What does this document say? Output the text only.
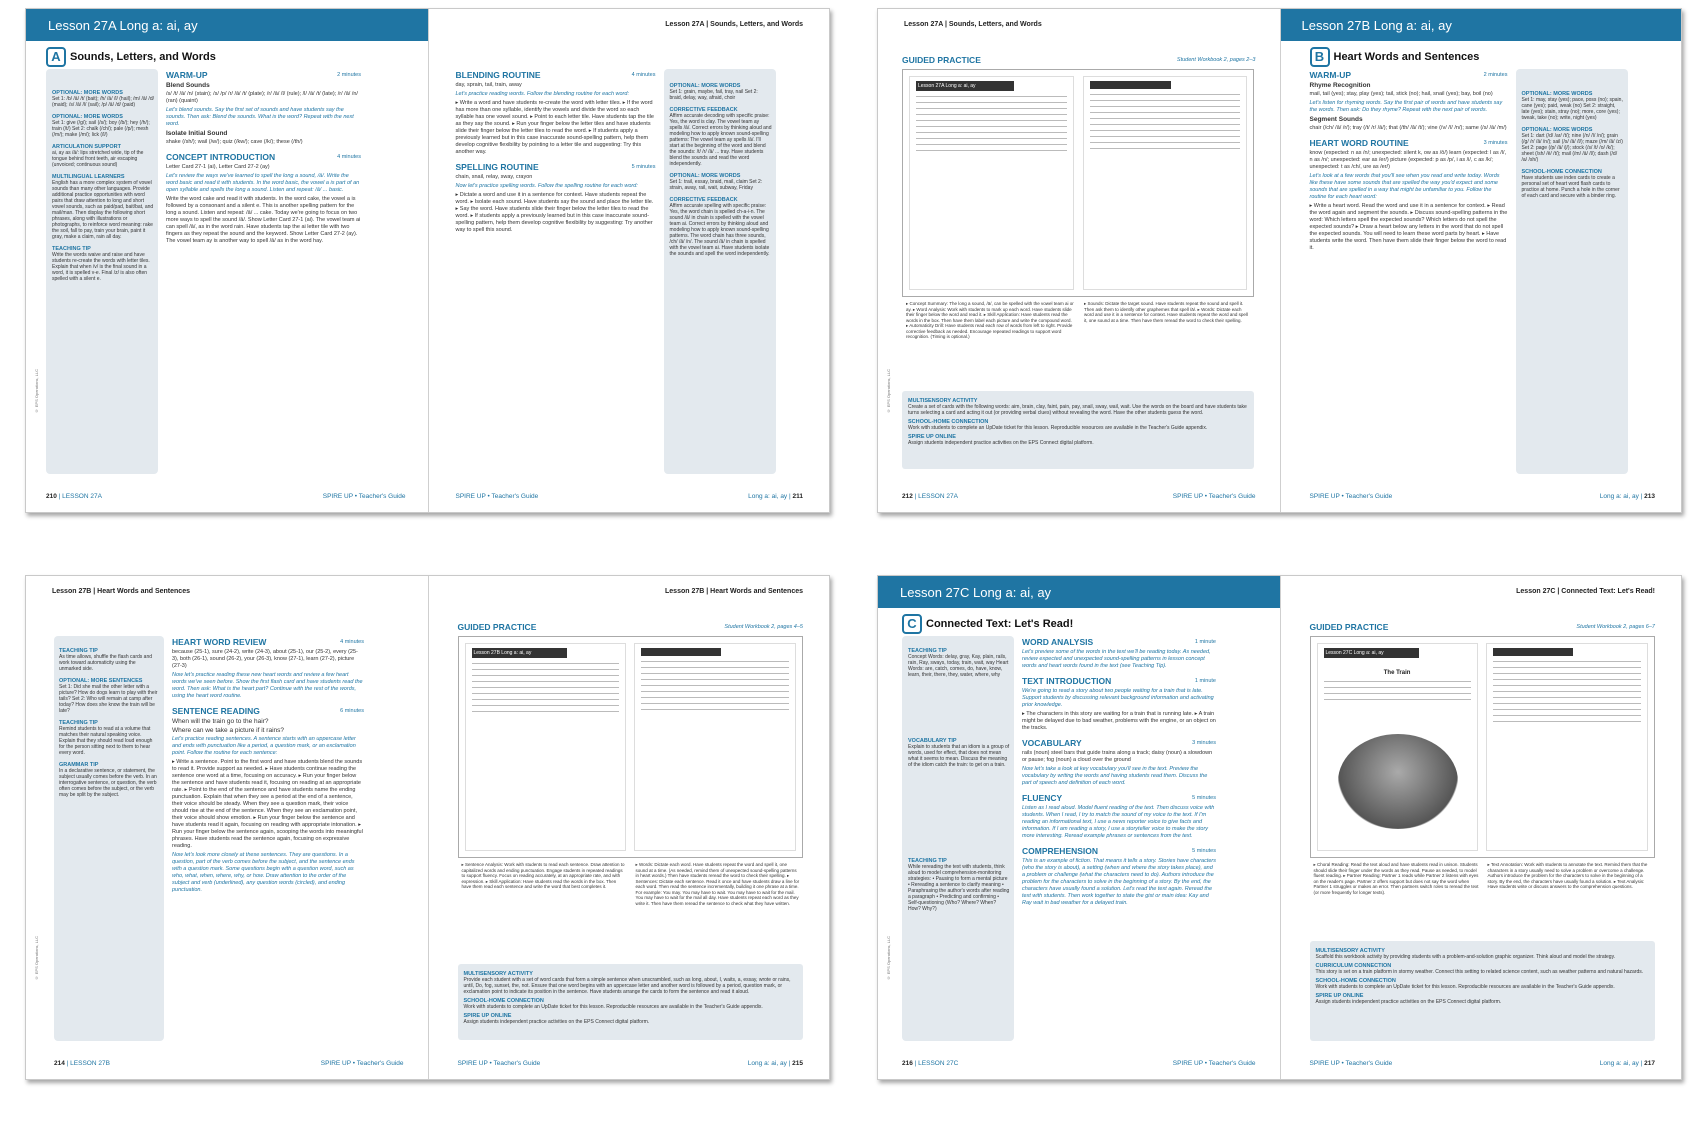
Lesson 27A Long a: ai, ay
A Sounds, Letters, and Words
OPTIONAL: MORE WORDS
Set 1: /b/ /ā/ /t/ (bait); /h/ /ā/ /l/ (hail); /m/ /ā/ /d/ (maid); /s/ /ā/ /l/ (sail); /p/ /ā/ /d/ (paid)
OPTIONAL: MORE WORDS
Set 1: give (/g/); sail (/s/); boy (/b/); hey (/h/); train (/t/) Set 2: chalk (/ch/); pale (/p/); mesh (/m/); make (/m/); lick (/l/)
ARTICULATION SUPPORT
ai, ay as /ā/: lips stretched wide, tip of the tongue behind front teeth, air escaping (unvoiced; continuous sound)
MULTILINGUAL LEARNERS
English has a more complex system of vowel sounds than many other languages. Provide additional practice opportunities with word pairs that draw attention to long and short vowel sounds, such as paid/pad, bait/bat, and mail/man. Then display the following short phrases, along with illustrations or photographs, to reinforce word meaning: rake the soil, fall to pay, train your brain, paint it gray, make a claim, rain all day.
TEACHING TIP
Write the words waive and raise and have students re-create the words with letter tiles. Explain that when /v/ is the final sound in a word, it is spelled v-e. Final /z/ is also often spelled with a silent e.
WARM-UP	2 minutes
Blend Sounds
/s/ /t/ /ā/ /n/ (stain); /s/ /p/ /r/ /ā/ /t/ (plate); /r/ /ā/ /l/ (rule); /l/ /ā/ /t/ (late); /r/ /ā/ /n/ (ran) (quaint)
Let's blend sounds. Say the first set of sounds and have students say the sounds. Then ask: Blend the sounds. What is the word? Repeat with the next word.
Isolate Initial Sound
shake (/sh/); wail (/w/); quiz (/kw/); cave (/k/); these (/th/)
CONCEPT INTRODUCTION	4 minutes
Letter Card 27-1 (ai), Letter Card 27-2 (ay)
Let's review the ways we've learned to spell the long a sound, /ā/. Write the word basic and read it with students. In the word basic, the vowel a is part of an open syllable and spells the long a sound. Listen and repeat: /ā/ ... basic.
Write the word cake and read it with students. In the word cake, the vowel a is followed by a consonant and a silent e. This is another spelling pattern for the long a sound. Listen and repeat: /ā/ ... cake. Today we're going to focus on two more ways to spell the sound /ā/. Show Letter Card 27-1 (ai). The vowel team ai can spell /ā/, as in the word rain. Have students tap the ai letter tile with two fingers as they repeat the sound and the keyword. Show Letter Card 27-2 (ay). The vowel team ay is another way to spell /ā/ as in the word hay.
© EPS Operations, LLC
210 | LESSON 27A	SPIRE UP • Teacher's Guide
Lesson 27A | Sounds, Letters, and Words
BLENDING ROUTINE	4 minutes
day, sprain, tail, train, away
Let's practice reading words. Follow the blending routine for each word:
▸ Write a word and have students re-create the word with letter tiles. ▸ If the word has more than one syllable, identify the vowels and divide the word so each syllable has one vowel sound. ▸ Point to each letter tile. Have students tap the tile as they say the sound. ▸ Run your finger below the letter tiles and have students slide their finger below the letter tiles to read the word. ▸ If students apply a previously learned but in this case inaccurate sound-spelling pattern, help them develop cognitive flexibility by pointing to a letter tile and suggesting: Try this another way.
SPELLING ROUTINE	5 minutes
chain, snail, relay, sway, crayon
Now let's practice spelling words. Follow the spelling routine for each word:
▸ Dictate a word and use it in a sentence for context. Have students repeat the word. ▸ Isolate each sound. Have students say the sound and place the letter tile. ▸ Say the word. Have students slide their finger below the letter tiles to read the word. ▸ If students apply a previously learned but in this case inaccurate sound-spelling pattern, help them develop cognitive flexibility by suggesting: Try another way to spell this sound.
OPTIONAL: MORE WORDS
Set 1: grain, maybe, fail, tray, nail Set 2: braid, delay, way, afraid, choir
CORRECTIVE FEEDBACK
Affirm accurate decoding with specific praise: Yes, the word is clay. The vowel team ay spells /ā/. Correct errors by thinking aloud and modeling how to apply known sound-spelling patterns: The vowel team ay spells /ā/. I'll start at the beginning of the word and blend the sounds: /t/ /r/ /ā/ ... tray. Have students blend the sounds and read the word independently.
OPTIONAL: MORE WORDS
Set 1: trail, essay, braid, mail, claim Set 2: strain, away, rail, wait, subway, Friday
CORRECTIVE FEEDBACK
Affirm accurate spelling with specific praise: Yes, the word chain is spelled ch-a-i-n. The sound /ā/ in chain is spelled with the vowel team ai. Correct errors by thinking aloud and modeling how to apply known sound-spelling patterns. The word chain has three sounds, /ch/ /ā/ /n/. The sound /ā/ in chain is spelled with the vowel team ai. Have students isolate the sounds and spell the word independently.
SPIRE UP • Teacher's Guide	Long a: ai, ay | 211
Lesson 27A | Sounds, Letters, and Words
GUIDED PRACTICE	Student Workbook 2, pages 2–3
Lesson 27A Long a: ai, ay
▸ Concept Summary: The long a sound, /ā/, can be spelled with the vowel team ai or ay. ▸ Word Analysis: Work with students to mark up each word. Have students slide their finger below the word and read it. ▸ Skill Application: Have students read the words in the box. Then have them label each picture and write the compound word. ▸ Automaticity Drill: Have students read each row of words from left to right. Provide corrective feedback as needed. Encourage repeated readings to support word recognition. (Timing is optional.)
▸ Sounds: Dictate the target sound. Have students repeat the sound and spell it. Then ask them to identify other graphemes that spell /ā/. ▸ Words: Dictate each word and use it in a sentence for context. Have students repeat the word and spell it, one sound at a time. Then have them reread the word to check their spelling.
MULTISENSORY ACTIVITY
Create a set of cards with the following words: aim, brain, clay, faint, pain, pay, snail, sway, wail, wait. Use the words on the board and have students take turns selecting a card and acting it out (or providing verbal clues) without revealing the word. Have the other students guess the word.
SCHOOL-HOME CONNECTION
Work with students to complete an UpDate ticket for this lesson. Reproducible resources are available in the Teacher's Guide appendix.
SPIRE UP ONLINE
Assign students independent practice activities on the EPS Connect digital platform.
© EPS Operations, LLC
212 | LESSON 27A	SPIRE UP • Teacher's Guide
Lesson 27B Long a: ai, ay
B Heart Words and Sentences
WARM-UP	2 minutes
Rhyme Recognition
mail, tail (yes); stay, play (yes); tail, stick (no); hail, snail (yes); bay, boil (no)
Let's listen for rhyming words. Say the first pair of words and have students say the words. Then ask: Do they rhyme? Repeat with the next pair of words.
Segment Sounds
chair (/ch/ /ā/ /r/); tray (/t/ /r/ /ā/); that (/th/ /ă/ /t/); vine (/v/ /ī/ /n/); same (/s/ /ā/ /m/)
HEART WORD ROUTINE	3 minutes
know (expected: n as /n/; unexpected: silent k, ow as /ō/) learn (expected: l as /l/, n as /n/; unexpected: ear as /er/) picture (expected: p as /p/, i as /i/, c as /k/; unexpected: t as /ch/, ure as /er/)
Let's look at a few words that you'll see when you read and write today. Words like these have some sounds that are spelled the way you'd expect and some sounds that are spelled in a way that might be unfamiliar to you. Follow the routine for each heart word:
▸ Write a heart word. Read the word and use it in a sentence for context. ▸ Read the word again and segment the sounds. ▸ Discuss sound-spelling patterns in the word: Which letters spell the expected sounds? Which letters do not spell the expected sounds? ▸ Draw a heart below any letters in the word that do not spell the expected sounds. You will need to learn these word parts by heart. ▸ Have students write the word. Then have them slide their finger below the word to read it.
OPTIONAL: MORE WORDS
Set 1: may, stay (yes); pace, poss (no); spain, cane (yes); paid, weak (no) Set 2: straight, late (yes); stain, stray (no); more, core (yes); tweak, take (no); write, night (yes)
OPTIONAL: MORE WORDS
Set 1: dart (/d/ /ar/ /t/); nine (/n/ /ī/ /n/); grain (/g/ /r/ /ā/ /n/); sail (/s/ /ā/ /l/); maze (/m/ /ā/ /z/) Set 2: page (/p/ /ā/ /j/); stock (/s/ /t/ /o/ /k/); sheet (/sh/ /ē/ /t/); mail (/m/ /ā/ /l/); dash (/d/ /a/ /sh/)
SCHOOL-HOME CONNECTION
Have students use index cards to create a personal set of heart word flash cards to practice at home. Punch a hole in the corner of each card and secure with a binder ring.
SPIRE UP • Teacher's Guide	Long a: ai, ay | 213
Lesson 27B | Heart Words and Sentences
TEACHING TIP
As time allows, shuffle the flash cards and work toward automaticity using the unmarked side.
OPTIONAL: MORE SENTENCES
Set 1: Did she mail the other letter with a picture? How do dogs learn to play with their tails? Set 2: Who will remain at camp after today? How does she know the train will be late?
TEACHING TIP
Remind students to read at a volume that matches their natural speaking voice. Explain that they should read loud enough for the person sitting next to them to hear every word.
GRAMMAR TIP
In a declarative sentence, or statement, the subject usually comes before the verb. In an interrogative sentence, or question, the verb often comes before the subject, or the verb may be split by the subject.
HEART WORD REVIEW	4 minutes
because (25-1), sure (24-2), write (24-3), about (25-1), our (25-2), every (25-3), both (26-1), sound (26-2), your (26-3), know (27-1), learn (27-2), picture (27-3)
Now let's practice reading these new heart words and review a few heart words we've seen before. Show the first flash card and have students read the word. Then ask: What is the heart part? Continue with the rest of the words, using the heart word routine.
SENTENCE READING	6 minutes
When will the train go to the hair?
Where can we take a picture if it rains?
Let's practice reading sentences. A sentence starts with an uppercase letter and ends with punctuation like a period, a question mark, or an exclamation point. Follow the routine for each sentence:
▸ Write a sentence. Point to the first word and have students blend the sounds to read it. Provide support as needed. ▸ Have students continue reading the sentence one word at a time, focusing on accuracy. ▸ Run your finger below the sentence and have students read it, focusing on reading at an appropriate rate. ▸ Point to the end of the sentence and have students name the ending punctuation. Explain that when they see a period at the end of a sentence, their voice should be steady. When they see a question mark, their voice should rise at the end of the sentence. When they see an exclamation point, their voice should show emotion. ▸ Run your finger below the sentence and have students read it again, focusing on reading with appropriate intonation. ▸ Run your finger below the sentence again, scooping the words into meaningful phrases. Have students read the sentence again, focusing on expressive reading.
Now let's look more closely at these sentences. They are questions. In a question, part of the verb comes before the subject, and the sentence ends with a question mark. Some questions begin with a question word, such as who, what, when, where, why, or how. Draw attention to the order of the subject and verb (underlined), any question words (circled), and ending punctuation.
© EPS Operations, LLC
214 | LESSON 27B	SPIRE UP • Teacher's Guide
Lesson 27B | Heart Words and Sentences
GUIDED PRACTICE	Student Workbook 2, pages 4–5
Lesson 27B Long a: ai, ay
▸ Sentence Analysis: Work with students to read each sentence. Draw attention to capitalized words and ending punctuation. Engage students in repeated readings to support fluency. Focus on reading accurately, at an appropriate rate, and with expression. ▸ Skill Application: Have students read the words in the box. Then have them read each sentence and write the word that best completes it.
▸ Words: Dictate each word. Have students repeat the word and spell it, one sound at a time. (As needed, remind them of unexpected sound-spelling patterns in heart words.) Then have students reread the word to check their spelling. ▸ Sentences: Dictate each sentence. Read it once and have students draw a line for each word. Then read the sentence incrementally, building it one phrase at a time. For example: You may. You may have to wait. You may have to wait for the mail. You may have to wait for the mail all day. Have students repeat each word as they write it. Then have them reread the sentence to check what they have written.
MULTISENSORY ACTIVITY
Provide each student with a set of word cards that form a simple sentence when unscrambled, such as long, about, I, waits, a, essay, wrote or rains, until, Do, fog, sunset, the, not. Ensure that one word begins with an uppercase letter and another word is followed by a period, question mark, or exclamation point to indicate its position in the sentence. Have students arrange the cards to form the sentence and read it aloud.
SCHOOL-HOME CONNECTION
Work with students to complete an UpDate ticket for this lesson. Reproducible resources are available in the Teacher's Guide appendix.
SPIRE UP ONLINE
Assign students independent practice activities on the EPS Connect digital platform.
SPIRE UP • Teacher's Guide	Long a: ai, ay | 215
Lesson 27C Long a: ai, ay
C Connected Text: Let's Read!
TEACHING TIP
Concept Words: delay, gray, Kay, plain, rails, rain, Ray, sways, today, train, wait, way Heart Words: are, catch, comes, do, have, know, learn, their, there, they, water, where, why
VOCABULARY TIP
Explain to students that an idiom is a group of words, used for effect, that does not mean what it seems to mean. Discuss the meaning of the idiom catch the train: to get on a train.
TEACHING TIP
While rereading the text with students, think aloud to model comprehension-monitoring strategies: • Pausing to form a mental picture • Rereading a sentence to clarify meaning • Paraphrasing the author's words after reading a paragraph • Predicting and confirming • Self-questioning (Who? Where? When? How? Why?)
WORD ANALYSIS	1 minute
Let's preview some of the words in the text we'll be reading today. As needed, review expected and unexpected sound-spelling patterns in lesson concept words and heart words found in the text (see Teaching Tip).
TEXT INTRODUCTION	1 minute
We're going to read a story about two people waiting for a train that is late. Support students by discussing relevant background information and activating prior knowledge.
▸ The characters in this story are waiting for a train that is running late. ▸ A train might be delayed due to bad weather, problems with the engine, or an object on the tracks.
VOCABULARY	3 minutes
rails (noun) steel bars that guide trains along a track; daisy (noun) a slowdown or pause; fog (noun) a cloud over the ground
Now let's take a look at key vocabulary you'll see in the text. Preview the vocabulary by writing the words and having students read them. Discuss the part of speech and definition of each word.
FLUENCY	5 minutes
Listen as I read aloud. Model fluent reading of the text. Then discuss voice with students. When I read, I try to match the sound of my voice to the text. If I'm reading an informational text, I use a news reporter voice to give facts and information. If I am reading a story, I use a storyteller voice to make the story more interesting. Reread example phrases or sentences from the text.
COMPREHENSION	5 minutes
This is an example of fiction. That means it tells a story. Stories have characters (who the story is about), a setting (when and where the story takes place), and a problem or challenge (what the characters need to do). Authors introduce the problem for the characters to solve in the beginning of a story. By the end, the characters have usually found a solution. Let's read the text again. Reread the text with students. Then work together to state the gist or main idea: Kay and Ray wait in bad weather for a delayed train.
© EPS Operations, LLC
216 | LESSON 27C	SPIRE UP • Teacher's Guide
Lesson 27C | Connected Text: Let's Read!
GUIDED PRACTICE	Student Workbook 2, pages 6–7
Lesson 27C Long a: ai, ay
The Train
▸ Choral Reading: Read the text aloud and have students read in unison. Students should slide their finger under the words as they read. Pause as needed, to model fluent reading. ▸ Partner Reading: Partner 1 reads while Partner 2 listens with eyes on the reader's page. Partner 2 offers support but does not say the word when Partner 1 struggles or makes an error. Then partners switch roles to reread the text (or more frequently for longer texts).
▸ Text Annotation: Work with students to annotate the text. Remind them that the characters in a story usually need to solve a problem or overcome a challenge. Authors introduce the problem for the characters to solve in the beginning of a story. By the end, the characters have usually found a solution. ▸ Text Analysis: Have students write or discuss answers to the comprehension questions.
MULTISENSORY ACTIVITY
Scaffold this workbook activity by providing students with a problem-and-solution graphic organizer. Think aloud and model the strategy.
CURRICULUM CONNECTION
This story is set on a train platform in stormy weather. Connect this setting to related science content, such as weather patterns and natural hazards.
SCHOOL-HOME CONNECTION
Work with students to complete an UpDate ticket for this lesson. Reproducible resources are available in the Teacher's Guide appendix.
SPIRE UP ONLINE
Assign students independent practice activities on the EPS Connect digital platform.
SPIRE UP • Teacher's Guide	Long a: ai, ay | 217
